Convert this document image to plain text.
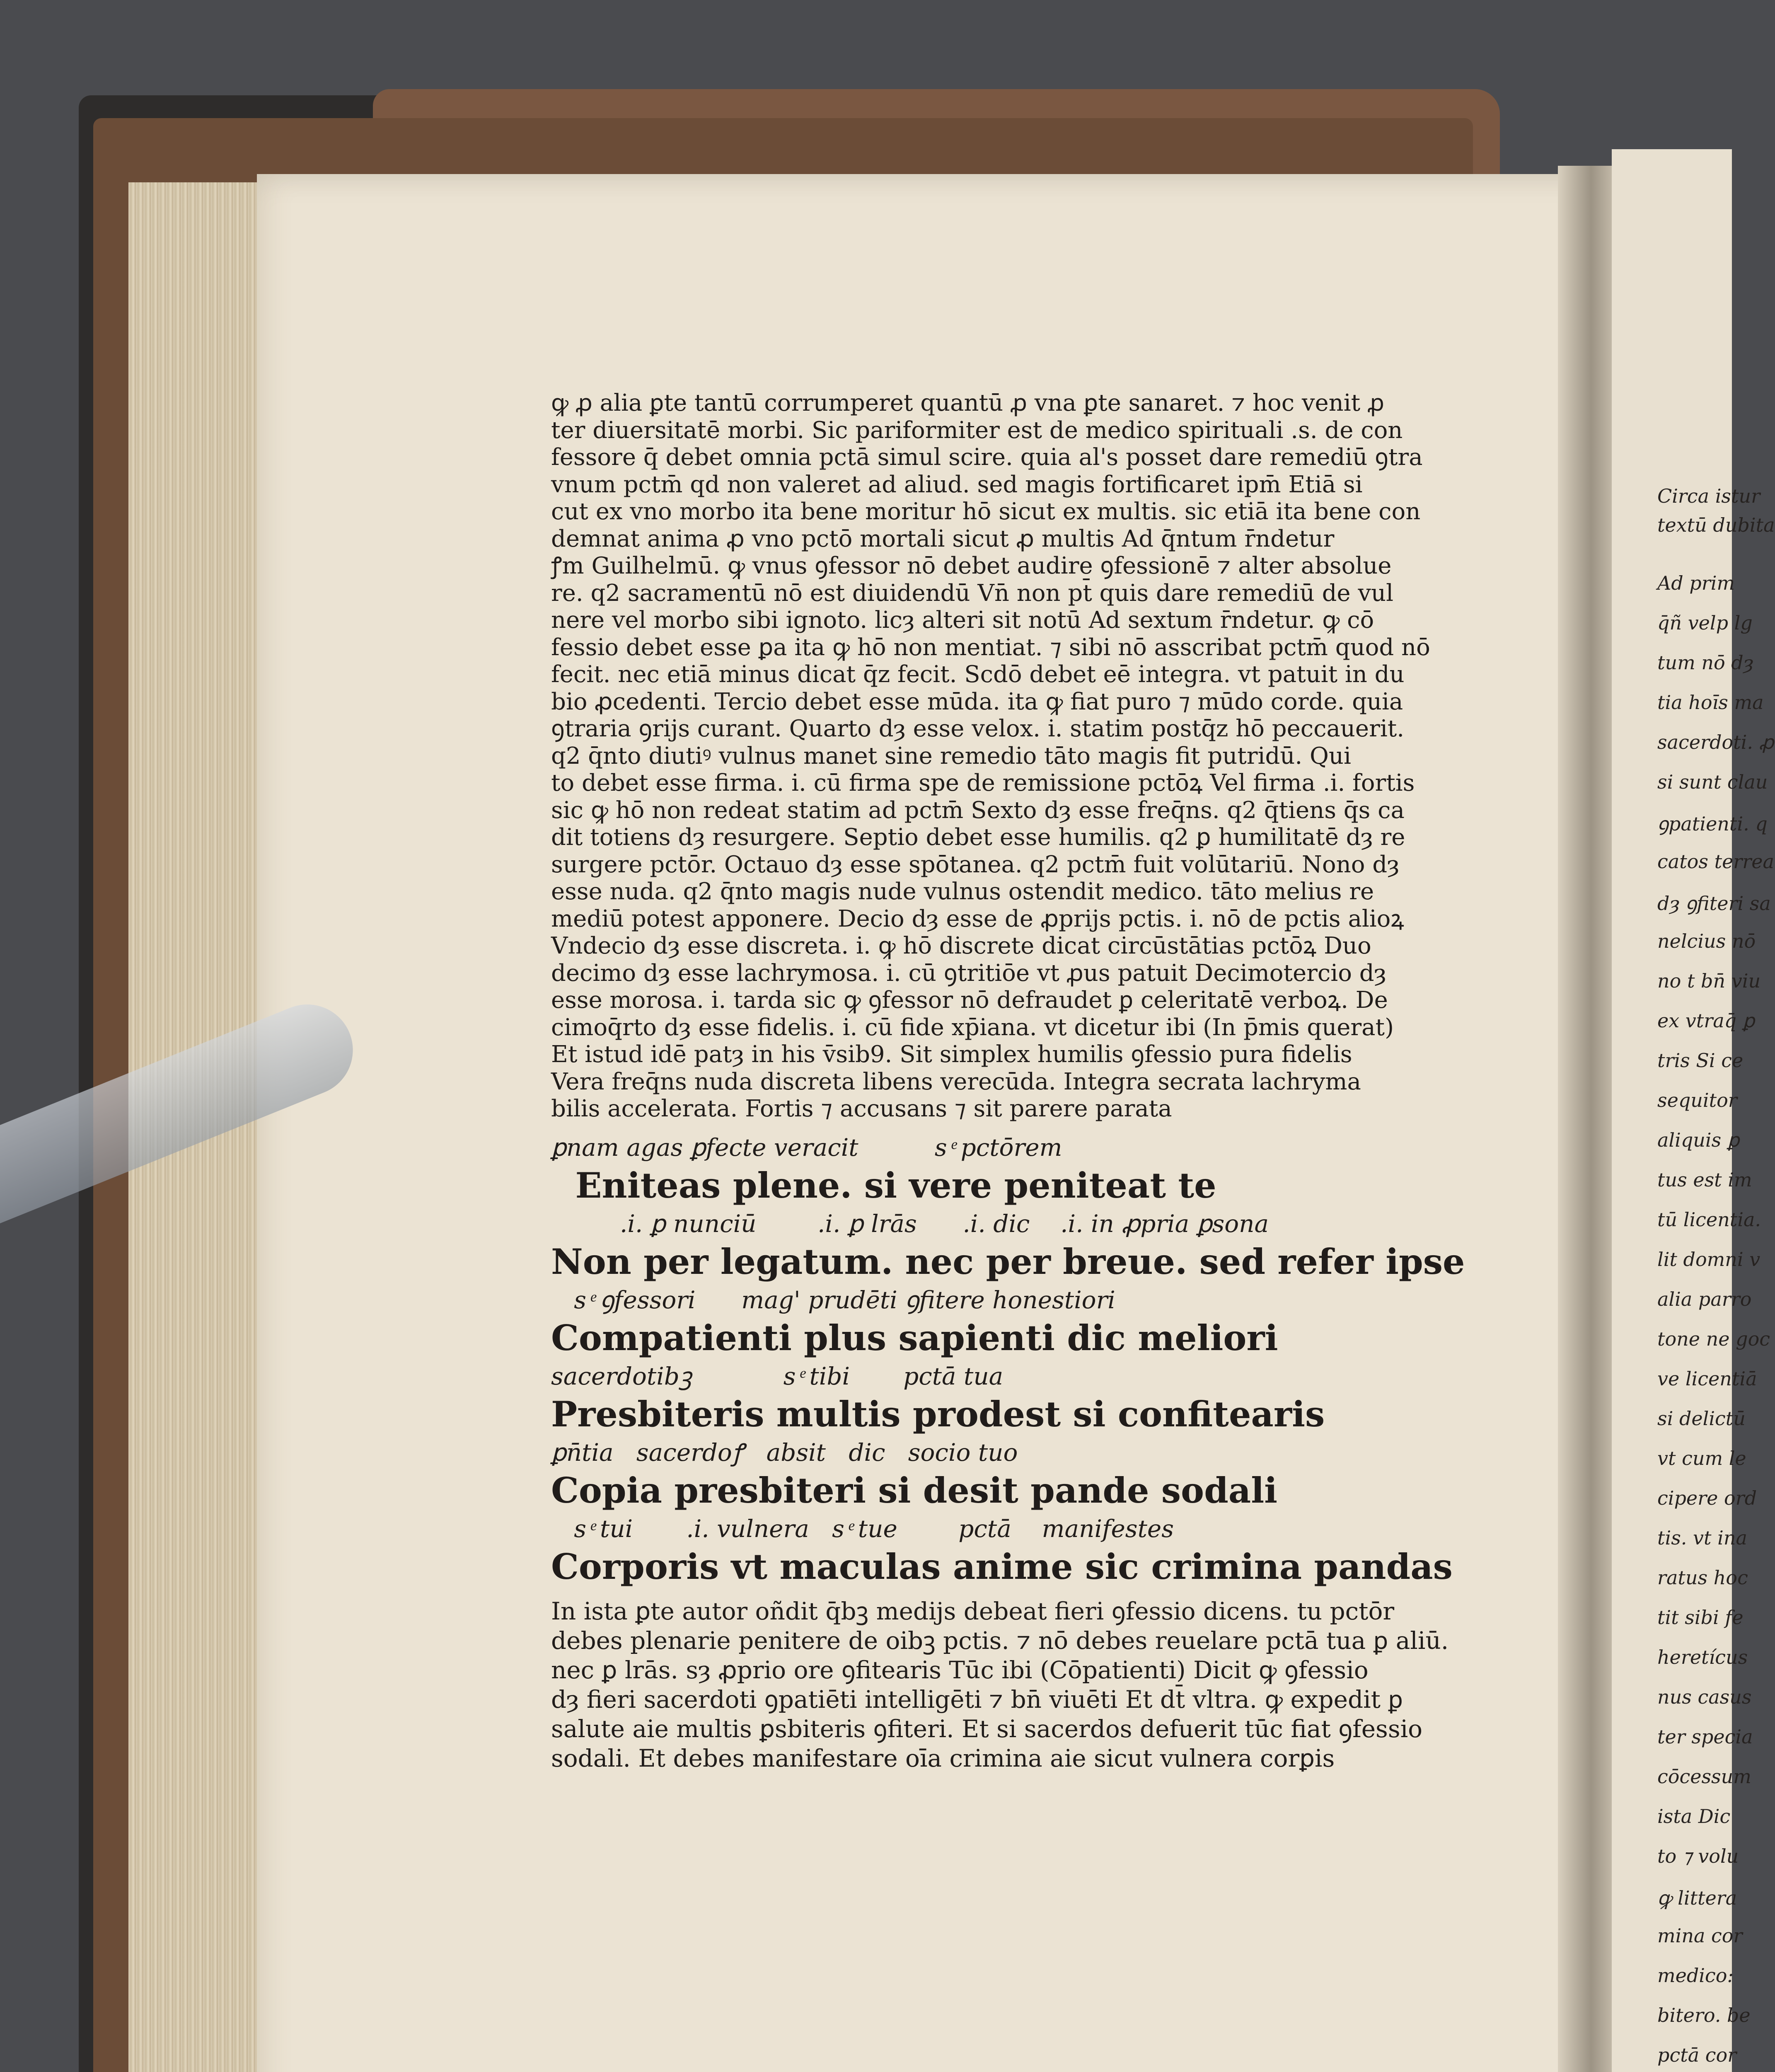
Circa istur
textū dubita
Ad prim
q̄ñ velp lg
tum nō dȝ
tia hoīs ma
sacerdoti. ꝓ
si sunt clau
ꝯpatienti. q
catos terrea
dȝ ꝯfiteri sa
nelcius nō
no t bn̄ viu
ex vtraq̄ ꝑ
tris Si ce
sequitor
aliquis ꝑ
tus est im
tū licentia.
lit domni v
alia parro
tone ne goc
ve licentiā
si delictū
vt cum le
cipere ord
tis. vt ina
ratus hoc
tit sibi fe
heretícus
nus casus
ter specia
cōcessum
ista Dic
to ⁊ volu
ꝙ littera
mina cor
medico:
bitero. be
pctā cor
ꝙ ꝓ alia ꝑte tantū corrumperet quantū ꝓ vna ꝑte sanaret. ⁊ hoc venit ꝓ
ter diuersitatē morbi. Sic pariformiter est de medico spirituali .s. de con
fessore q̄ debet omnia pctā simul scire. quia al's posset dare remediū ꝯtra
vnum pctm̄ qd non valeret ad aliud. sed magis fortificaret ipm̄ Etiā si
cut ex vno morbo ita bene moritur hō sicut ex multis. sic etiā ita bene con
demnat anima ꝓ vno pctō mortali sicut ꝓ multis Ad q̄ntum r̄ndetur
ꝭm Guilhelmū. ꝙ vnus ꝯfessor nō debet audire ꝯfessionē ⁊ alter absolue
re. q2 sacramentū nō est diuidendū Vn̄ non pt̄ quis dare remediū de vul
nere vel morbo sibi ignoto. licȝ alteri sit notū Ad sextum r̄ndetur. ꝙ cō
fessio debet esse ꝑa ita ꝙ hō non mentiat. ⁊ sibi nō asscribat pctm̄ quod nō
fecit. nec etiā minus dicat q̄z fecit. Scdō debet eē integra. vt patuit in du
bio ꝓcedenti. Tercio debet esse mūda. ita ꝙ fiat puro ⁊ mūdo corde. quia
ꝯtraria ꝯrijs curant. Quarto dȝ esse velox. i. statim postq̄z hō peccauerit.
q2 q̄nto diutiꝰ vulnus manet sine remedio tāto magis fit putridū. Qui
to debet esse firma. i. cū firma spe de remissione pctōꝝ Vel firma .i. fortis
sic ꝙ hō non redeat statim ad pctm̄ Sexto dȝ esse freq̄ns. q2 q̄tiens q̄s ca
dit totiens dȝ resurgere. Septio debet esse humilis. q2 ꝑ humilitatē dȝ re
surgere pctōr. Octauo dȝ esse spōtanea. q2 pctm̄ fuit volūtariū. Nono dȝ
esse nuda. q2 q̄nto magis nude vulnus ostendit medico. tāto melius re
mediū potest apponere. Decio dȝ esse de ꝓprijs pctis. i. nō de pctis alioꝝ
Vndecio dȝ esse discreta. i. ꝙ hō discrete dicat circūstātias pctōꝝ Duo
decimo dȝ esse lachrymosa. i. cū ꝯtritiōe vt ꝓus patuit Decimotercio dȝ
esse morosa. i. tarda sic ꝙ ꝯfessor nō defraudet ꝑ celeritatē verboꝝ. De
cimoq̄rto dȝ esse fidelis. i. cū fide xp̄iana. vt dicetur ibi (In p̄mis querat)
Et istud idē patȝ in his v̄sib9. Sit simplex humilis ꝯfessio pura fidelis
Vera freq̄ns nuda discreta libens verecūda. Integra secrata lachryma
bilis accelerata. Fortis ⁊ accusans ⁊ sit parere parata
ꝑnam agas ꝑfecte veracit          s ͤ pctōrem
Eniteas plene. si vere peniteat te
.i. ꝑ nunciū        .i. ꝑ lrās      .i. dic    .i. in ꝓpria ꝑsona
Non per legatum. nec per breue. sed refer ipse
s ͤ ꝯfessori      mag' prudēti ꝯfitere honestiori
Compatienti plus sapienti dic meliori
sacerdotibꝫ            s ͤ tibi       pctā tua
Presbiteris multis prodest si confitearis
ꝑn̄tia   sacerdoꝭ   absit   dic   socio tuo
Copia presbiteri si desit pande sodali
s ͤ tui       .i. vulnera   s ͤ tue        pctā    manifestes
Corporis vt maculas anime sic crimina pandas
In ista ꝑte autor oñdit q̄bꝫ medijs debeat fieri ꝯfessio dicens. tu pctōr
debes plenarie penitere de oibꝫ pctis. ⁊ nō debes reuelare pctā tua ꝑ aliū.
nec ꝑ lrās. sȝ ꝓprio ore ꝯfitearis Tūc ibi (Cōpatienti) Dicit ꝙ ꝯfessio
dȝ fieri sacerdoti ꝯpatiēti intelligēti ⁊ bn̄ viuēti Et dt̄ vltra. ꝙ expedit ꝑ
salute aie multis ꝑsbiteris ꝯfiteri. Et si sacerdos defuerit tūc fiat ꝯfessio
sodali. Et debes manifestare oīa crimina aie sicut vulnera corꝑis
